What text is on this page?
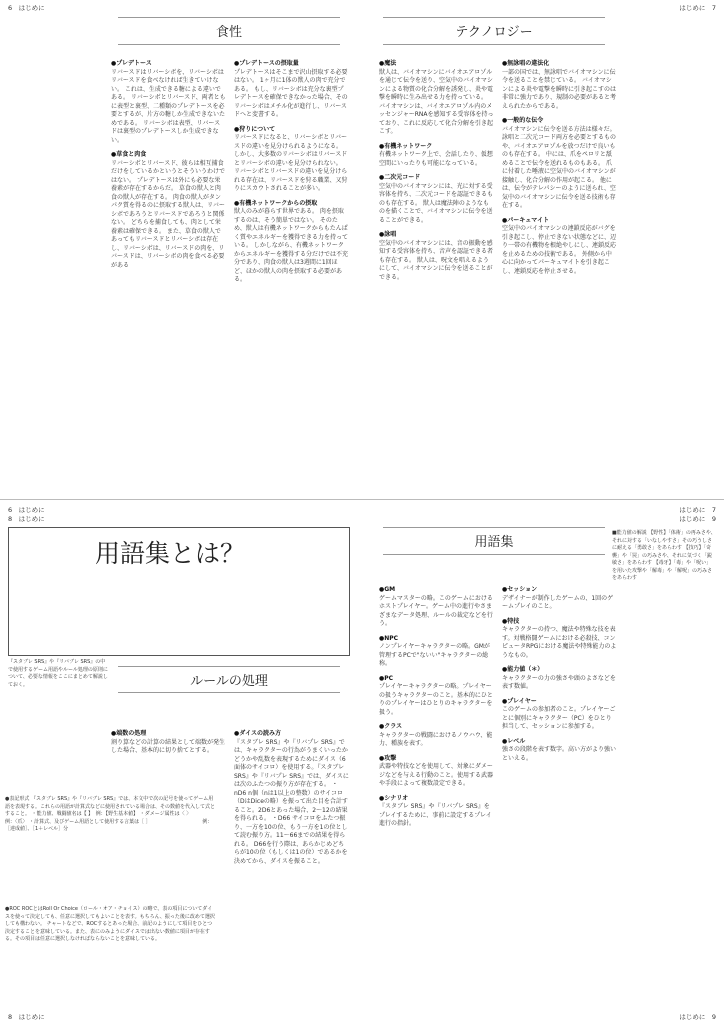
6　はじめに	はじめに　7
食性	テクノロジー
●プレデトース
リバースドはリバーシボを、リバーシボはリバースドを食べなければ生きていけない。 これは、生成できる糖による違いである。 リバーシボとリバースド、両者ともに表型と裏型、二種類のプレデトースを必要とするが、片方の糖しか生成できないためである。 リバーシボは表型、リバースドは裏型のプレデトースしか生成できない。
●草食と肉食
リバーシボとリバースド、彼らは相互捕食だけをしているかというとそういうわけではない。 プレデトースは外にも必要な栄養素が存在するからだ。 草食の獣人と肉食の獣人が存在する。 肉食の獣人がタンパク質を得るのに摂取する獣人は、リバーシボであろうとリバースドであろうと関係ない。 どちらを捕食しても、肉として栄養素は確保できる。 また、草食の獣人であってもリバースドとリバーシボは存在し、リバーシボは、リバースドの肉を、リバースドは、リバーシボの肉を食べる必要がある
●プレデトースの摂取量
プレデトースはそこまで沢山摂取する必要はない。 1ヶ月に1体の獣人の肉で充分である。 もし、リバーシボは充分な裏型プレデトースを確保できなかった場合、そのリバーシボはメチル化が進行し、リバースドへと変書する。
●狩りについて
リバースドになると、リバーシボとリバースドの違いを見分けられるようになる。 しかし、大多数のリバーシボはリバースドとリバーシボの違いを見分けられない。 リバーシボとリバースドの違いを見分けられる存在は、リバースドを狩る職業、又狩りにスカウトされることが多い。
●有機ネットワークからの摂取
獣人のみが暮らす世界である。 肉を摂取するのは、そう簡単ではない。 そのため、獣人は有機ネットワークからもたんぱく質やエネルギーを獲得できる力を持っている。 しかしながら、有機ネットワークからエネルギーを獲得する分だけでは不充分であり、肉食の獣人は3週間に1回ほど、ほかの獣人の肉を摂取する必要がある。
●魔法
獣人は、バイオマシンにバイオエアロゾルを通じて伝令を送り、空気中のバイオマシンによる物質の化合分解を誘発し、炎や電撃を瞬時に生み出せる力を持っている。 バイオマシンは、バイオエアロゾル内のメッセンジャーRNAを感知する受容体を持っており、これに反応して化合分解を引き起こす。
●有機ネットワーク
有機ネットワーク上で、会話したり、仮想空間にいったりも可能になっている。
●二次元コード
空気中のバイオマシンには、光に対する受容体を持ち、二次元コードを認証できるものも存在する。 獣人は魔法陣のようなものを描くことで、バイオマシンに伝令を送ることができる。
●詠唱
空気中のバイオマシンには、音の振動を感知する受容体を持ち、音声を認証できる者も存在する。 獣人は、呪文を唱えるようにして、バイオマシンに伝令を送ることができる。
●無詠唱の違法化
一部の国では、無詠唱でバイオマシンに伝令を送ることを禁じている。 バイオマシンによる炎や電撃を瞬時に引き起こすのは非常に強力であり、規制の必要があると考えられたからである。
●一般的な伝令
バイオマシンに伝令を送る方法は様々だ。 詠唱と二次元コード両方を必要とするものや、バイオエアロゾルを放つだけで良いものも存在する。 中には、爪をペロリと舐めることで伝令を送れるものもある。 爪に付着した唾液に空気中のバイオマシンが接触し、化合分解の作用が起こる。 他には、伝令がテレパシーのように送られ、空気中のバイオマシンに伝令を送る技術も存在する。
●パーキュマイト
空気中のバイオマシンの連鎖反応がバグを引き起こし、停止できない状態などに、辺り一帯の有機物を根絶やしにし、連鎖反応を止めるための技術である。 外側から中心に向かってパーキュマイトを引き起こし、連鎖反応を停止させる。
6　はじめに
8　はじめに
はじめに　7
はじめに　9
用語集とは？
『スタブレ SRS』や『リバブレ SRS』の中で使用するゲーム用語やルール処理の原則について、必要な情報をここにまとめて解説しておく。	ルールの処理
●端数の処理
割り算などの計算の結果として端数が発生した場合、基本的に切り捨てとする。
●ダイスの読み方
『スタブレ SRS』や『リバプレ SRS』では、キャラクターの行為がうまくいったかどうかや乱数を表現するためにダイス（6面体のサイコロ）を使用する。『スタブレ SRS』や『リバプレ SRS』では、ダイスには次のふたつの振り方が存在する。 ・nD6 n個（nは1以上の整数）のサイコロ（DはDiceの略）を振って出た目を合計すること。2D6とあった場合、2～12の結果を得られる。 ・D66 サイコロをふたつ振り、一方を10の位、もう一方を1の位として読む振り方。11～66までの結果を得られる。 D66を行う際は、あらかじめどちらが10の位（もしくは1の位）であるかを決めてから、ダイスを振ること。
●表記形式 『スタブレ SRS』や『リバブレ SRS』では、本文中で次の記号を使ってゲーム用語を表現する。これらの用語が計算式などに使用されている場合は、その数値を代入して式とすること。 ・能力値、戦闘値名は【 】　例：【野生基本値】 ・ダメージ属性は〈 〉　　　　例：〈爪〉 ・計算式、及びゲーム用語として使用する言葉は［ ］ 　　　　　　　　　　例：［達成値］、［1＋レベル］分
●ROC ROCとはRoll Or Choice（ロール・オア・チョイス）の略で、表の項目についてダイスを使って決定しても、任意に選択してもよいことを表す。もちろん、振った後に改めて選択しても構わない。 チャートなどで、ROCするとあった場合、前記のようにして項目をひとつ決定することを意味している。また、表にのみようにダイスでは出ない数値に項目が存在する。その項目は任意に選択しなければならないことを意味している。
用語集
■能力値の解説 【野性】「体術」の再みさや、それに対する「いなしやすさ」その巧うしさに耐える「勇敢さ」をあらわす 【技巧】「奇襲」や「罠」の巧みさや、それに気づく「鋭敏さ」をあらわす 【毒牙】「毒」や「呪い」を用いた攻撃や「解毒」や「解呪」の巧みさをあらわす
●GM
ゲームマスターの略。このゲームにおけるホストプレイヤー。ゲーム中の進行やさまざまなデータ処理、ルールの裁定などを行う。
●NPC
ノンプレイヤーキャラクターの略。GMが管理するPCで"ないい"キャラクターの総称。
●PC
プレイヤーキャラクターの略。プレイヤーの扱うキャラクターのこと。基本的にひとりのプレイヤーはひとりのキャラクターを扱う。
●クラス
キャラクターの戦闘におけるノウハウ、能力、種族を表す。
●攻撃
武器や特技などを使用して、対象にダメージなどを与える行動のこと。使用する武器や手段によって複数設定できる。
●シナリオ
『スタブレ SRS』や『リバプレ SRS』をプレイするために、事前に設定するプレイ進行の指針。
●セッション
デザイナーが制作したゲームの、1回のゲームプレイのこと。
●特技
キャラクターの持つ、魔法や特殊な技を表す。対戦格闘ゲームにおける必殺技、コンピュータRPGにおける魔法や特殊能力のようなもの。
●能力値（＊）
キャラクターの力の強さや頭のよさなどを表す数値。
●プレイヤー
このゲームの参加者のこと。プレイヤーごとに個別にキャラクター（PC）をひとり担当して、セッションに参加する。
●レベル
強さの段階を表す数字。高い方がより強いといえる。
8　はじめに	はじめに　9
